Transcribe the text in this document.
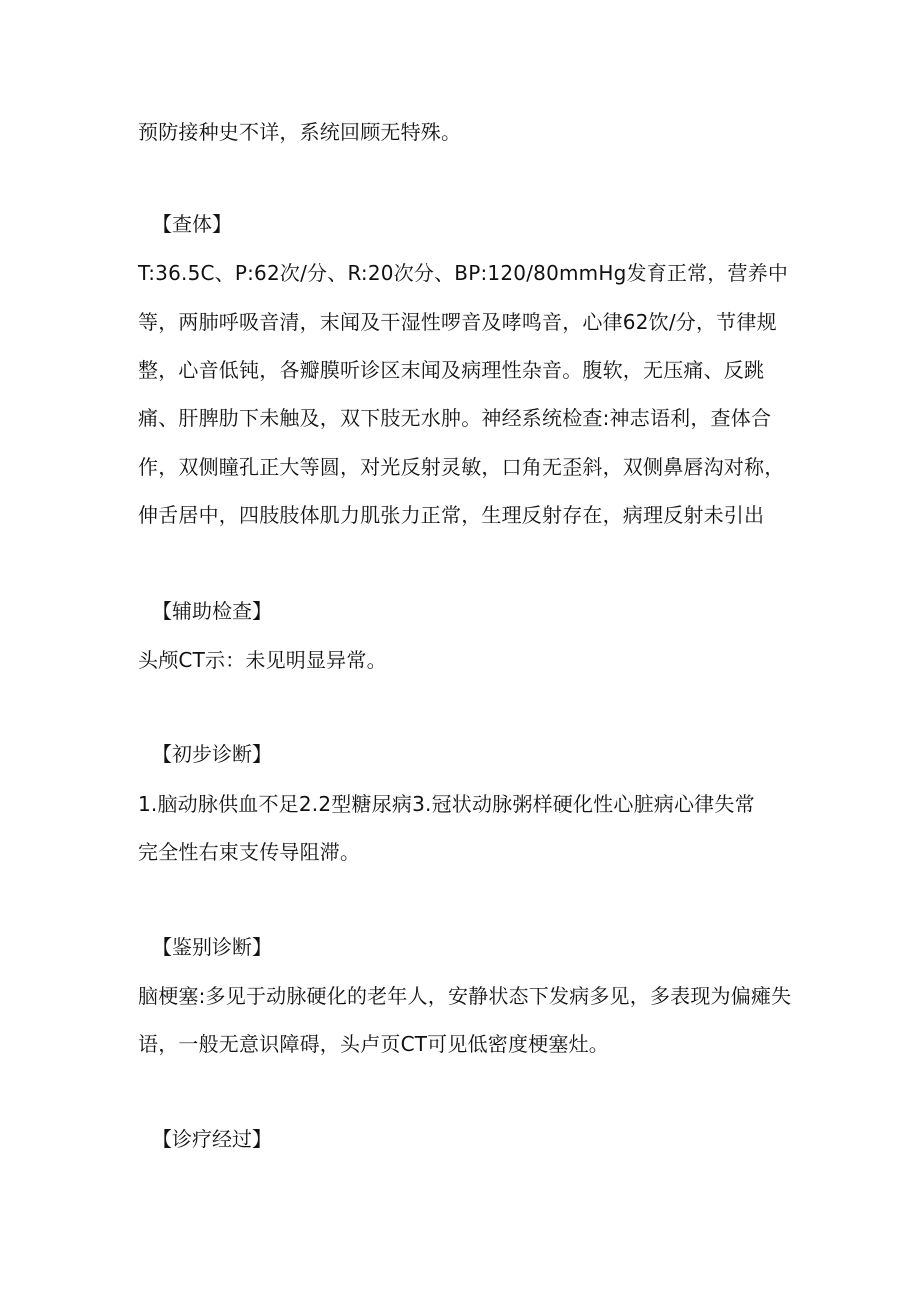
预防接种史不详，系统回顾无特殊。
【查体】
T:36.5C、P:62次/分、R:20次分、BP:120/80mmHg发育正常，营养中
等，两肺呼吸音清，末闻及干湿性啰音及哮鸣音，心律62饮/分，节律规
整，心音低钝，各瓣膜听诊区末闻及病理性杂音。腹软，无压痛、反跳
痛、肝脾肋下未触及，双下肢无水肿。神经系统检查:神志语利，查体合
作，双侧瞳孔正大等圆，对光反射灵敏，口角无歪斜，双侧鼻唇沟对称，
伸舌居中，四肢肢体肌力肌张力正常，生理反射存在，病理反射未引出
【辅助检查】
头颅CT示：未见明显异常。
【初步诊断】
1.脑动脉供血不足2.2型糖尿病3.冠状动脉粥样硬化性心脏病心律失常
完全性右束支传导阻滞。
【鉴别诊断】
脑梗塞:多见于动脉硬化的老年人，安静状态下发病多见，多表现为偏瘫失
语，一般无意识障碍，头卢页CT可见低密度梗塞灶。
【诊疗经过】
